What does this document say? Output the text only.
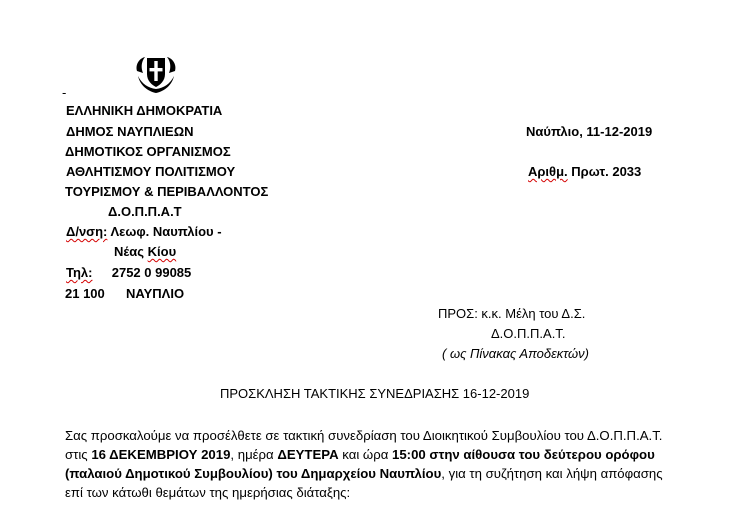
-
ΕΛΛΗΝΙΚΗ ΔΗΜΟΚΡΑΤΙΑ
ΔΗΜΟΣ ΝΑΥΠΛΙΕΩΝ
ΔΗΜΟΤΙΚΟΣ ΟΡΓΑΝΙΣΜΟΣ
ΑΘΛΗΤΙΣΜΟΥ ΠΟΛΙΤΙΣΜΟΥ
ΤΟΥΡΙΣΜΟΥ & ΠΕΡΙΒΑΛΛΟΝΤΟΣ
Δ.Ο.Π.Π.Α.Τ
Δ/νση: Λεωφ. Ναυπλίου -
Νέας Κίου
Τηλ: 2752 0 99085
21 100 ΝΑΥΠΛΙΟ
Ναύπλιο, 11-12-2019
Αριθμ. Πρωτ. 2033
ΠΡΟΣ: κ.κ. Μέλη του Δ.Σ.
Δ.Ο.Π.Π.Α.Τ.
( ως Πίνακας Αποδεκτών)
ΠΡΟΣΚΛΗΣΗ ΤΑΚΤΙΚΗΣ ΣΥΝΕΔΡΙΑΣΗΣ 16-12-2019
Σας προσκαλούμε να προσέλθετε σε τακτική συνεδρίαση του Διοικητικού Συμβουλίου του Δ.Ο.Π.Π.Α.Τ. στις 16 ΔΕΚΕΜΒΡΙΟΥ 2019, ημέρα ΔΕΥΤΕΡΑ και ώρα 15:00 στην αίθουσα του δεύτερου ορόφου (παλαιού Δημοτικού Συμβουλίου) του Δημαρχείου Ναυπλίου, για τη συζήτηση και λήψη απόφασης επί των κάτωθι θεμάτων της ημερήσιας διάταξης:
